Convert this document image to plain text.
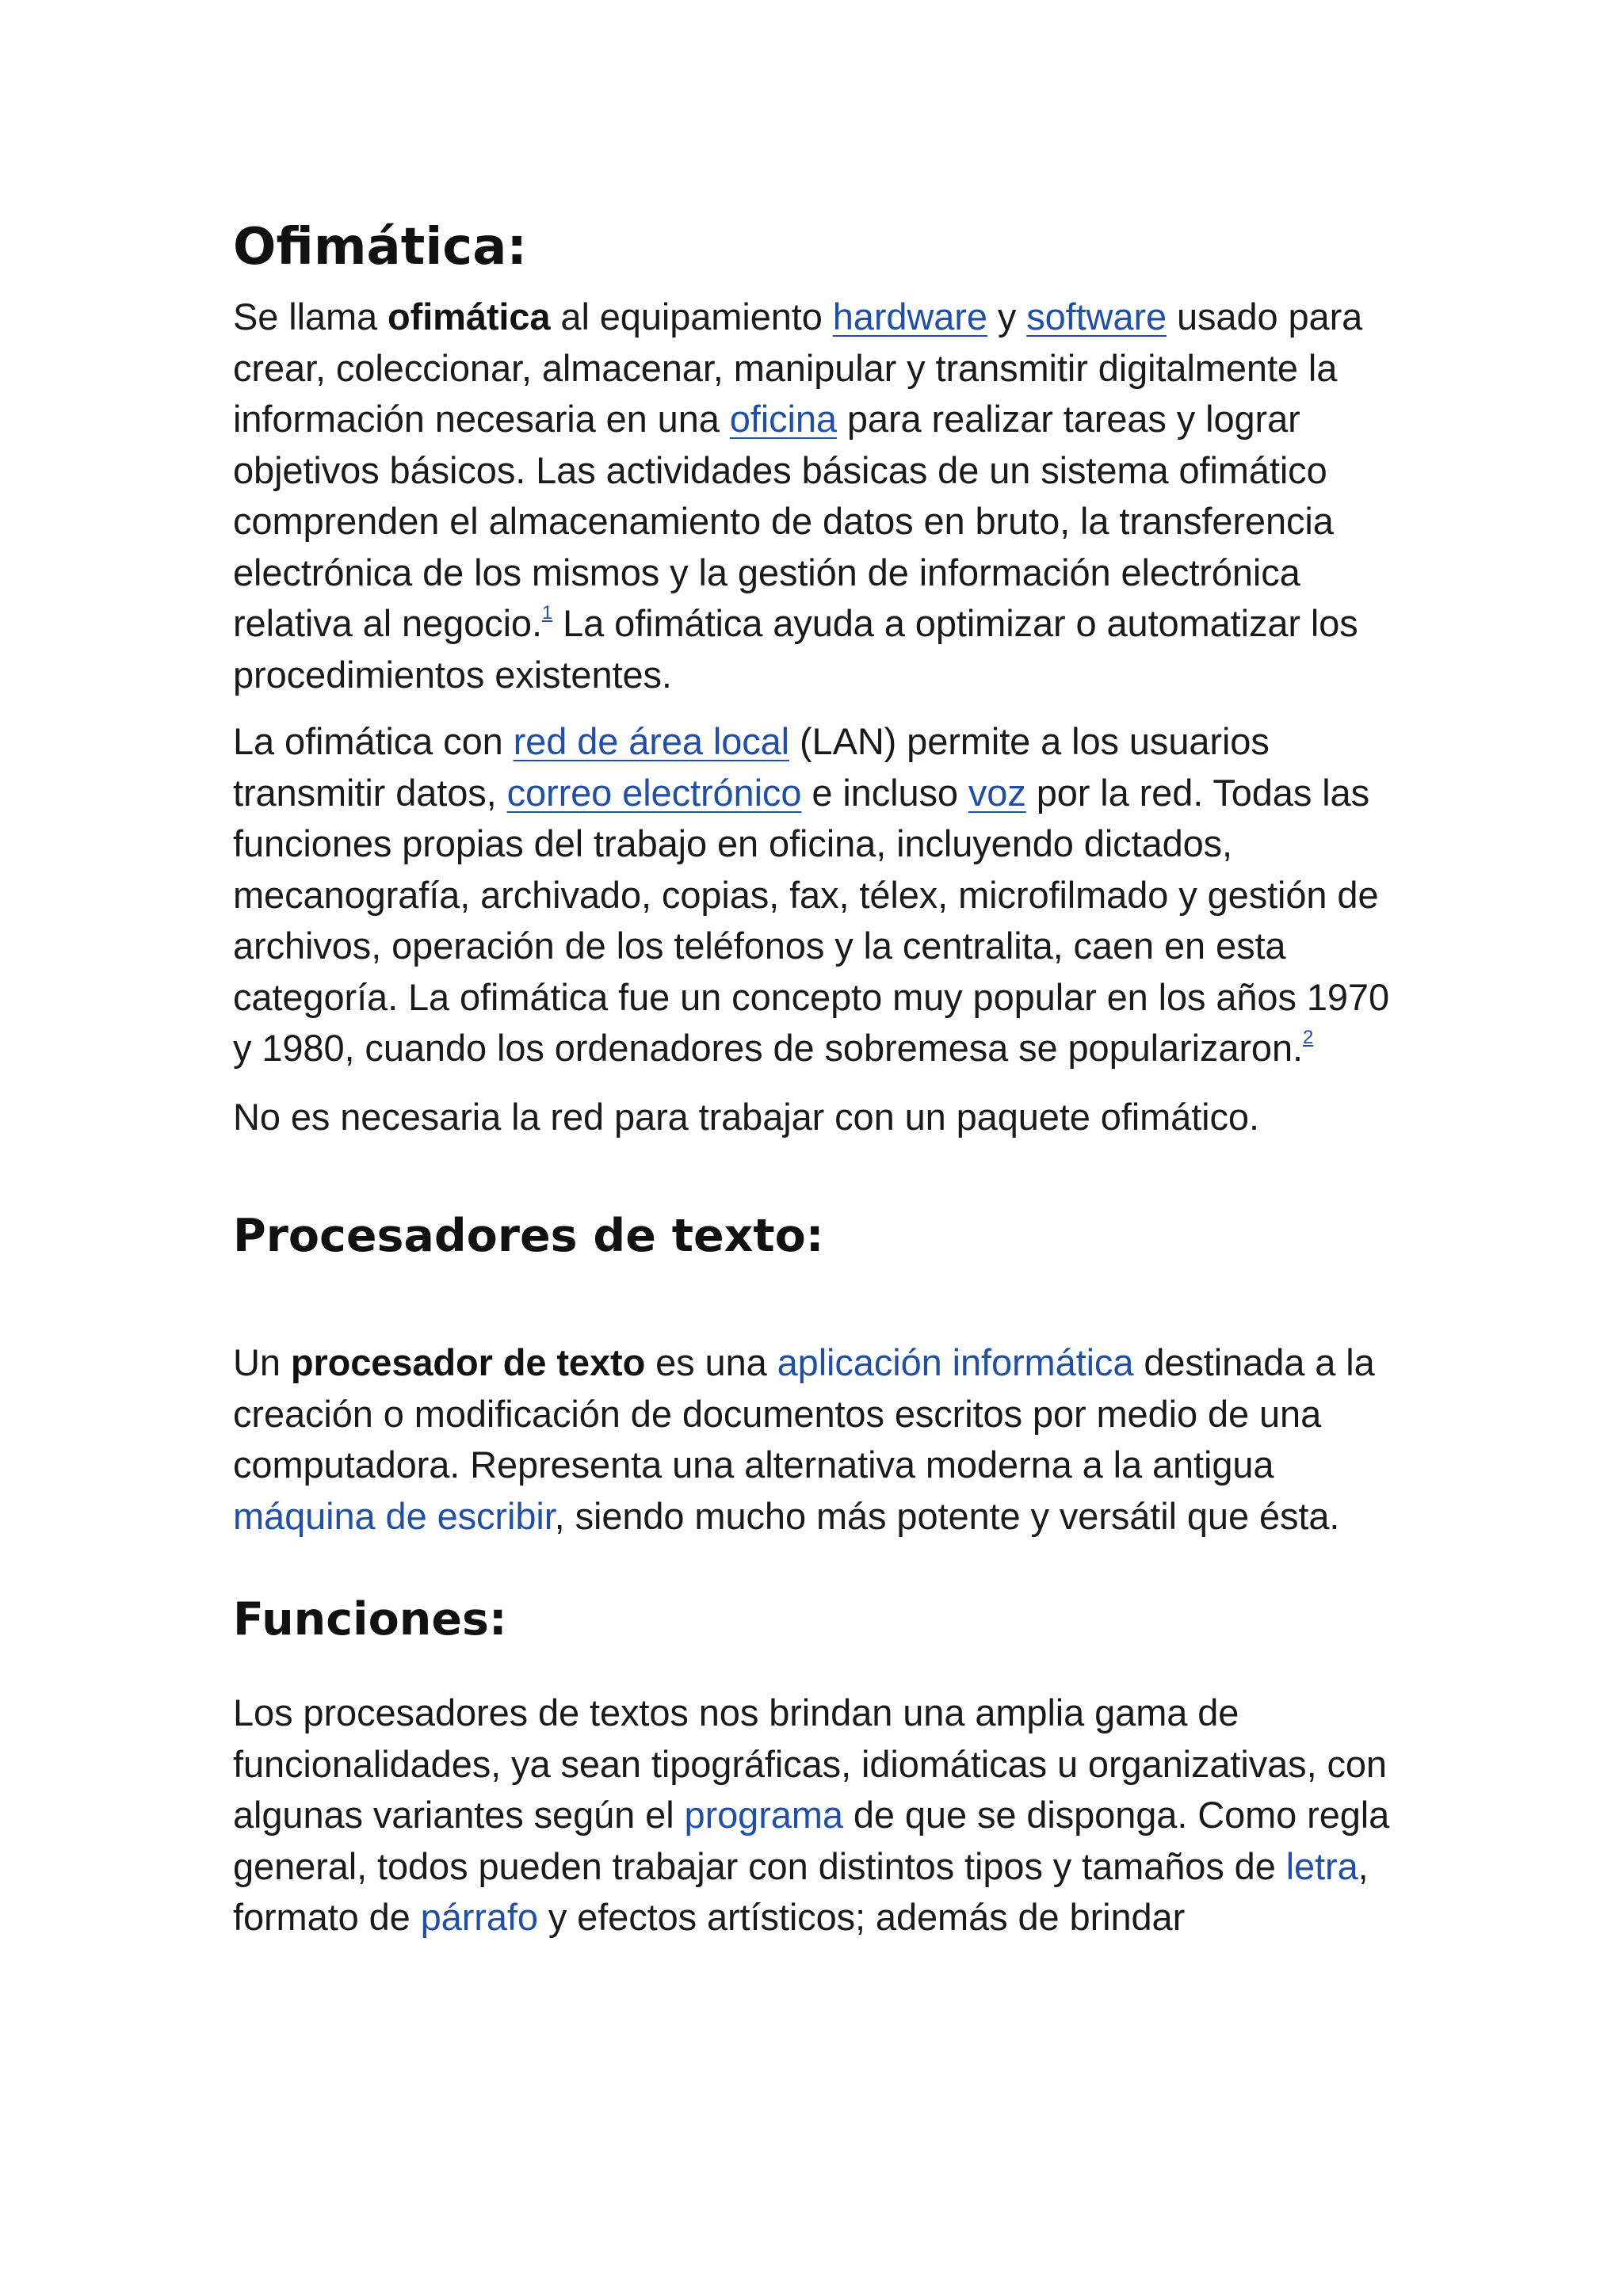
Ofimática:

Se llama ofimática al equipamiento hardware y software usado para crear, coleccionar, almacenar, manipular y transmitir digitalmente la información necesaria en una oficina para realizar tareas y lograr objetivos básicos. Las actividades básicas de un sistema ofimático comprenden el almacenamiento de datos en bruto, la transferencia electrónica de los mismos y la gestión de información electrónica relativa al negocio.$^1$ La ofimática ayuda a optimizar o automatizar los procedimientos existentes.

La ofimática con red de área local (LAN) permite a los usuarios transmitir datos, correo electrónico e incluso voz por la red. Todas las funciones propias del trabajo en oficina, incluyendo dictados, mecanografía, archivado, copias, fax, télex, microfilmado y gestión de archivos, operación de los teléfonos y la centralita, caen en esta categoría. La ofimática fue un concepto muy popular en los años 1970 y 1980, cuando los ordenadores de sobremesa se popularizaron.$^2$

No es necesaria la red para trabajar con un paquete ofimático.

Procesadores de texto:

Un procesador de texto es una aplicación informática destinada a la creación o modificación de documentos escritos por medio de una computadora. Representa una alternativa moderna a la antigua máquina de escribir, siendo mucho más potente y versátil que ésta.

Funciones:

Los procesadores de textos nos brindan una amplia gama de funcionalidades, ya sean tipográficas, idiomáticas u organizativas, con algunas variantes según el programa de que se disponga. Como regla general, todos pueden trabajar con distintos tipos y tamaños de letra, formato de párrafo y efectos artísticos; además de brindar
